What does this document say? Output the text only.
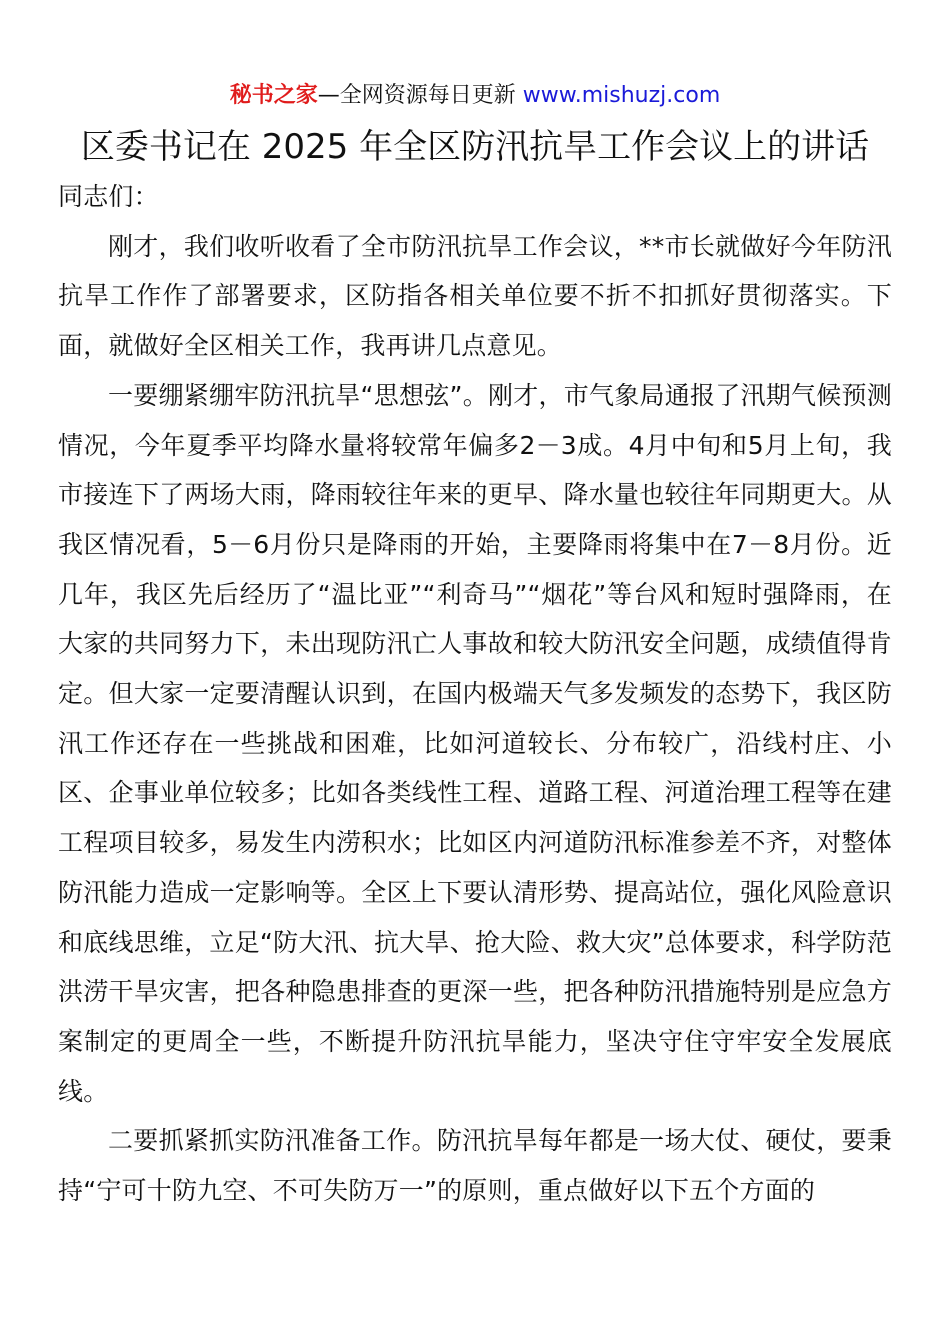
秘书之家—全网资源每日更新 www.mishuzj.com
区委书记在 2025 年全区防汛抗旱工作会议上的讲话

同志们：

刚才，我们收听收看了全市防汛抗旱工作会议，**市长就做好今年防汛抗旱工作作了部署要求，区防指各相关单位要不折不扣抓好贯彻落实。下面，就做好全区相关工作，我再讲几点意见。

一要绷紧绷牢防汛抗旱“思想弦”。刚才，市气象局通报了汛期气候预测情况，今年夏季平均降水量将较常年偏多2－3成。4月中旬和5月上旬，我市接连下了两场大雨，降雨较往年来的更早、降水量也较往年同期更大。从我区情况看，5－6月份只是降雨的开始，主要降雨将集中在7－8月份。近几年，我区先后经历了“温比亚”“利奇马”“烟花”等台风和短时强降雨，在大家的共同努力下，未出现防汛亡人事故和较大防汛安全问题，成绩值得肯定。但大家一定要清醒认识到，在国内极端天气多发频发的态势下，我区防汛工作还存在一些挑战和困难，比如河道较长、分布较广，沿线村庄、小区、企事业单位较多；比如各类线性工程、道路工程、河道治理工程等在建工程项目较多，易发生内涝积水；比如区内河道防汛标准参差不齐，对整体防汛能力造成一定影响等。全区上下要认清形势、提高站位，强化风险意识和底线思维，立足“防大汛、抗大旱、抢大险、救大灾”总体要求，科学防范洪涝干旱灾害，把各种隐患排查的更深一些，把各种防汛措施特别是应急方案制定的更周全一些，不断提升防汛抗旱能力，坚决守住守牢安全发展底线。

二要抓紧抓实防汛准备工作。防汛抗旱每年都是一场大仗、硬仗，要秉持“宁可十防九空、不可失防万一”的原则，重点做好以下五个方面的
